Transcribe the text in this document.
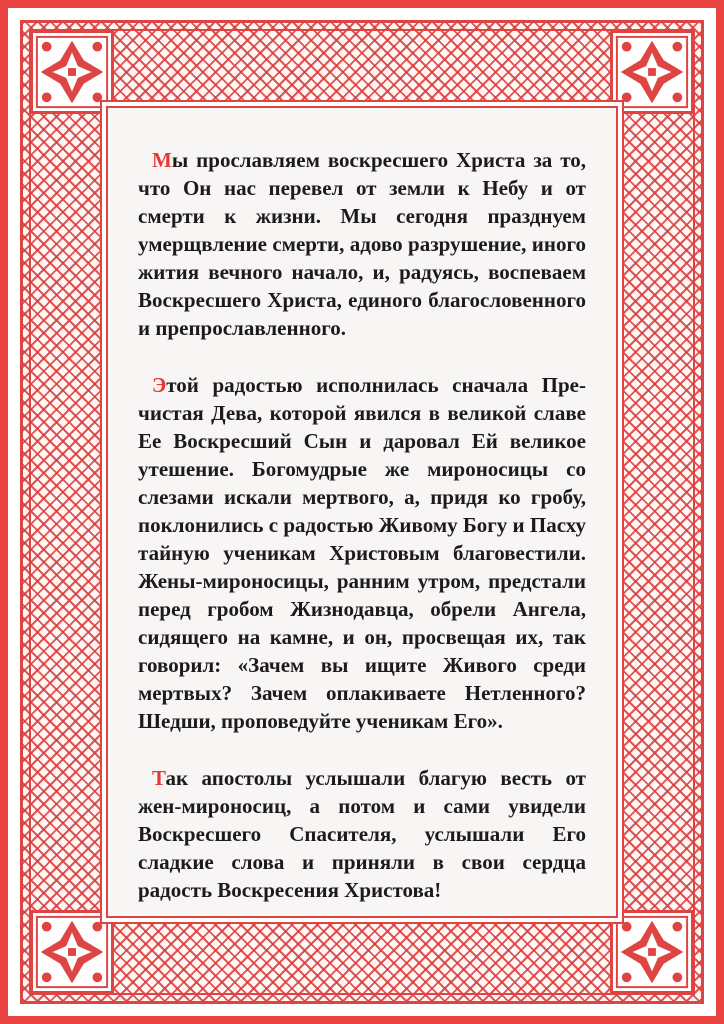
Мы прославляем воскресшего Христа за то, что Он нас перевел от земли к Небу и от смерти к жизни. Мы сегодня празднуем умерщвление смерти, адово разрушение, иного жития вечного начало, и, радуясь, воспеваем Воскресшего Христа, единого благословенного и препрославленного.

Этой радостью исполнилась сначала Пречистая Дева, которой явился в великой славе Ее Воскресший Сын и даровал Ей великое утешение. Богомудрые же мироносицы со слезами искали мертвого, а, придя ко гробу, поклонились с радостью Живому Богу и Пасху тайную ученикам Христовым благовестили. Жены-мироносицы, ранним утром, предстали перед гробом Жизнодавца, обрели Ангела, сидящего на камне, и он, просвещая их, так говорил: «Зачем вы ищите Живого среди мертвых? Зачем оплакиваете Нетленного? Шедши, проповедуйте ученикам Его».

Так апостолы услышали благую весть от жен-мироносиц, а потом и сами увидели Воскресшего Спасителя, услышали Его сладкие слова и приняли в свои сердца радость Воскресения Христова!
